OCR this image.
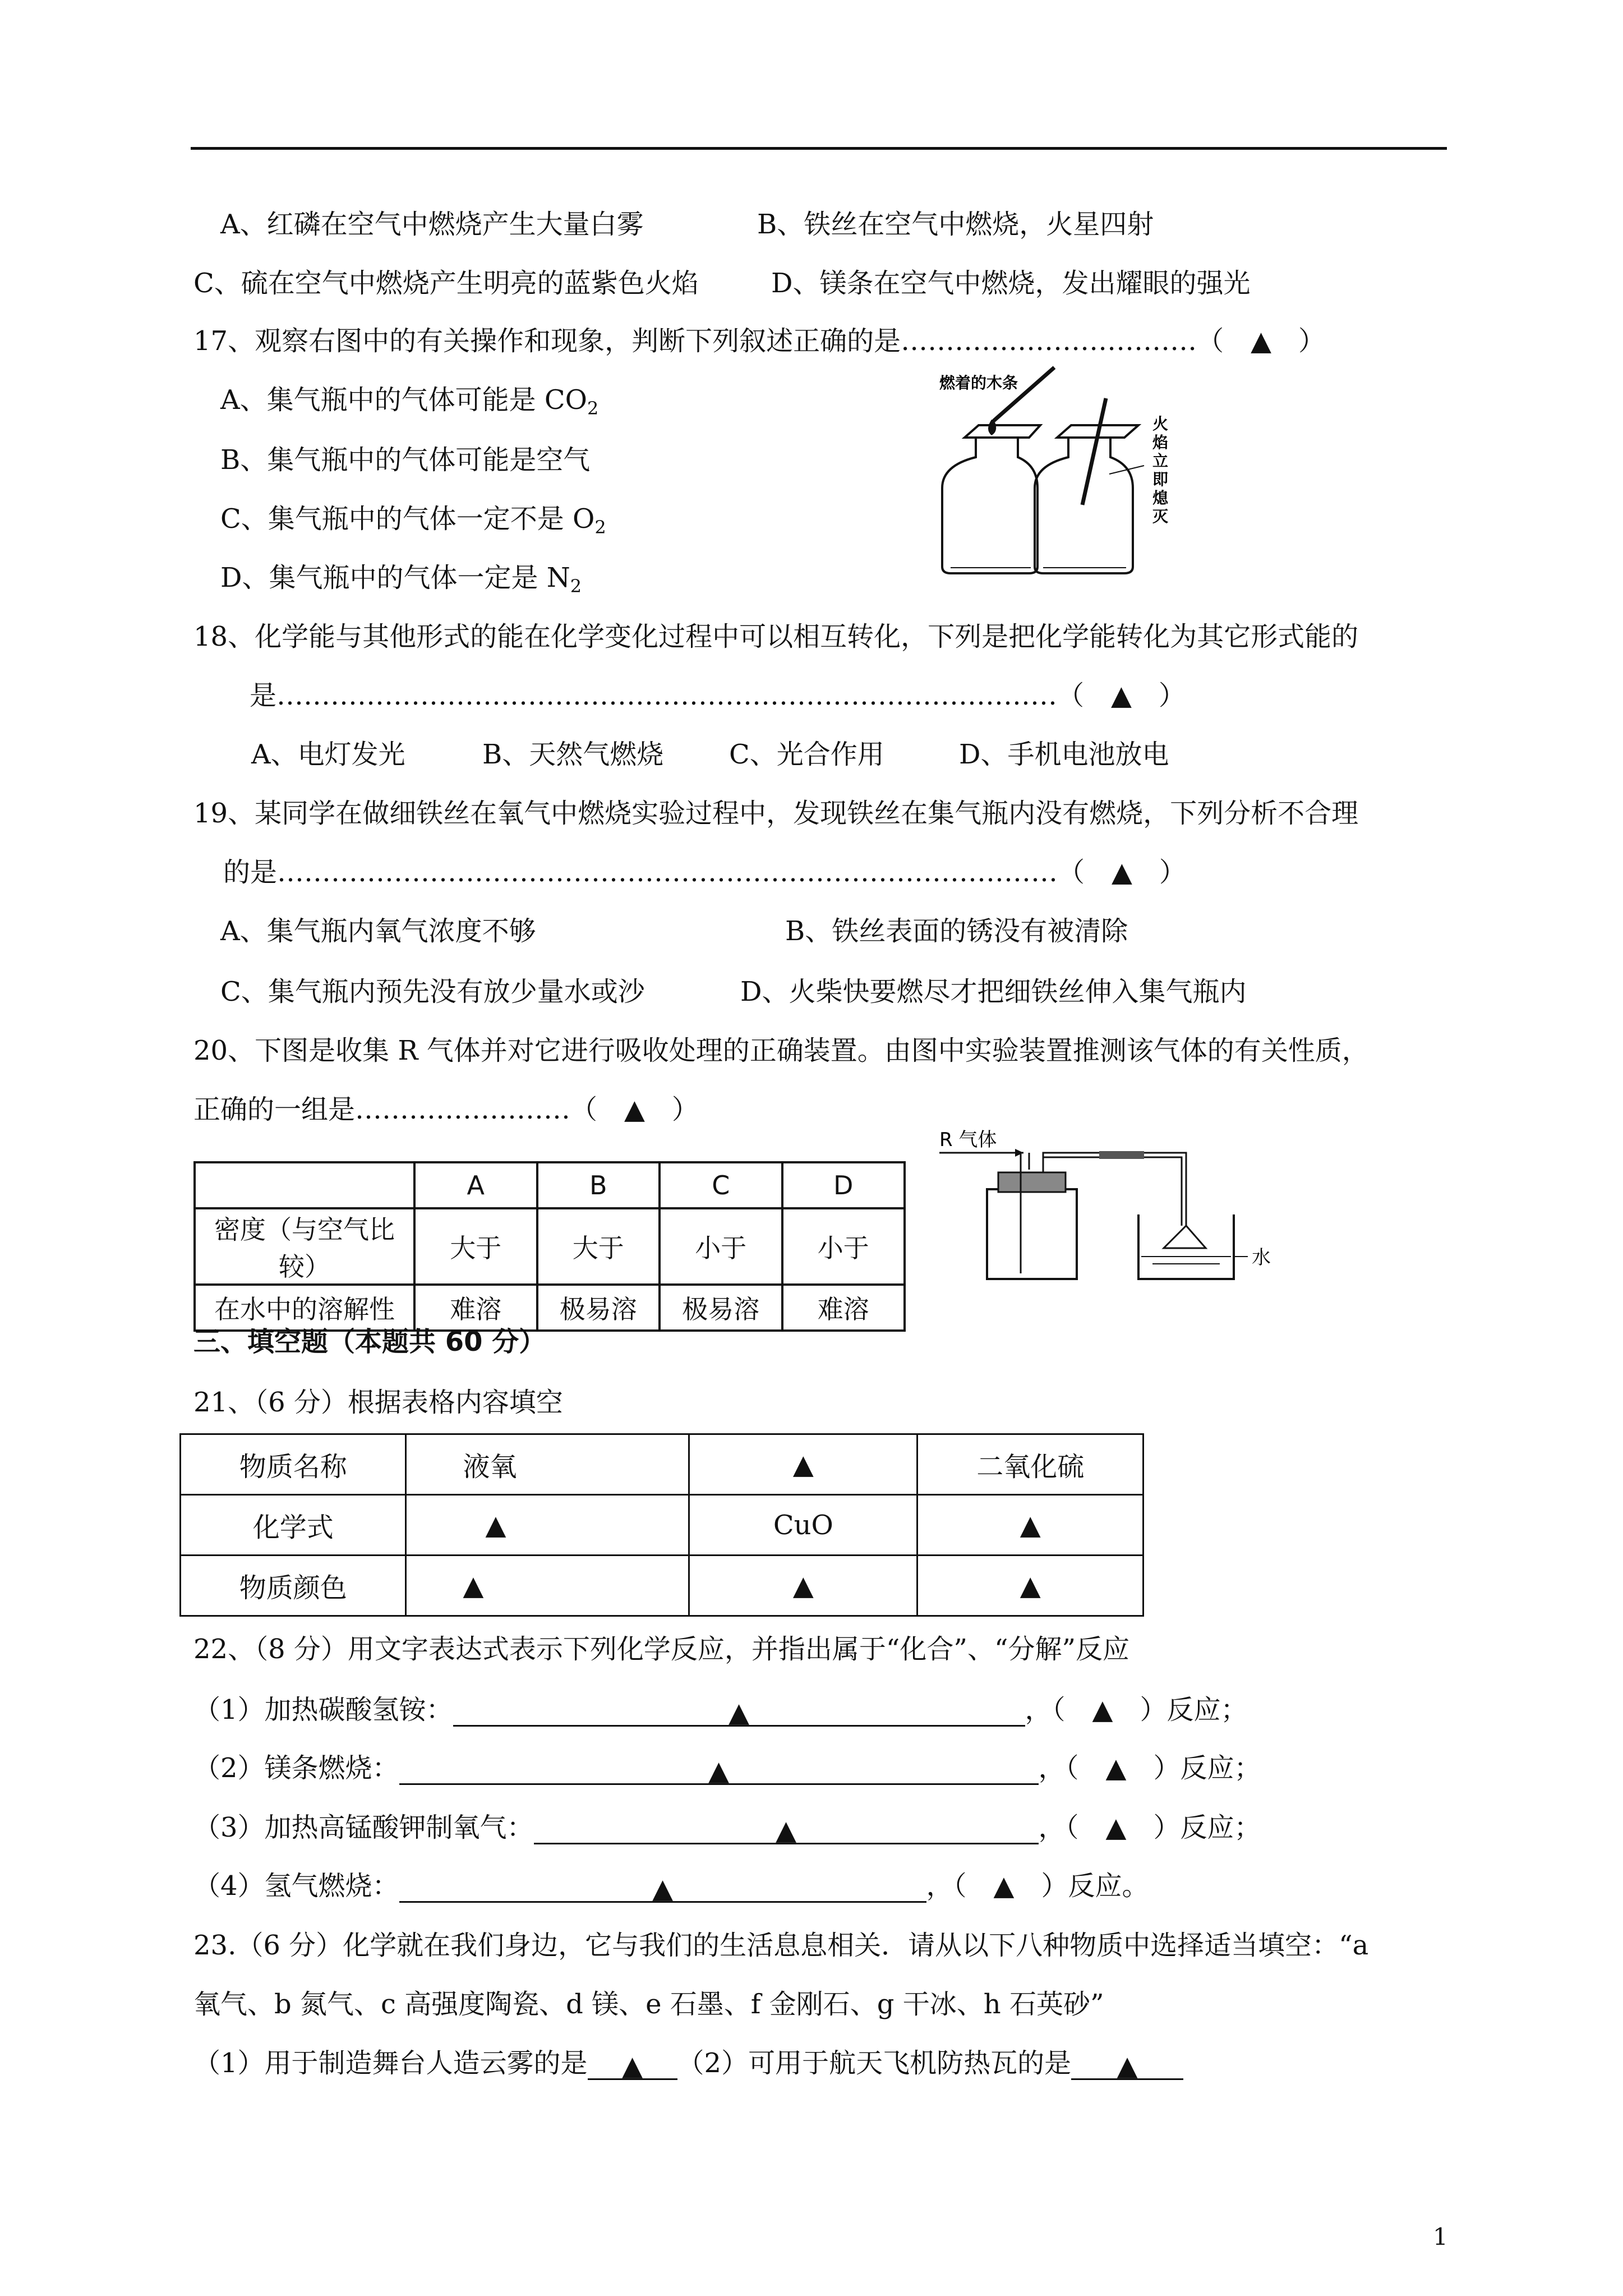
A、红磷在空气中燃烧产生大量白雾	B、铁丝在空气中燃烧，火星四射
C、硫在空气中燃烧产生明亮的蓝紫色火焰	D、镁条在空气中燃烧，发出耀眼的强光
17、观察右图中的有关操作和现象，判断下列叙述正确的是……………………………（　▲　）
A、集气瓶中的气体可能是 $CO_2$
B、集气瓶中的气体可能是空气
C、集气瓶中的气体一定不是 $O_2$
D、集气瓶中的气体一定是 $N_2$
燃着的木条
火
焰
立
即
熄
灭
18、化学能与其他形式的能在化学变化过程中可以相互转化，下列是把化学能转化为其它形式能的
是……………………………………………………………………………（　▲　）
A、电灯发光	B、天然气燃烧 C、光合作用	D、手机电池放电
19、某同学在做细铁丝在氧气中燃烧实验过程中，发现铁丝在集气瓶内没有燃烧，下列分析不合理
的是……………………………………………………………………………（　▲　）
A、集气瓶内氧气浓度不够	B、铁丝表面的锈没有被清除
C、集气瓶内预先没有放少量水或沙	D、火柴快要燃尽才把细铁丝伸入集气瓶内
20、下图是收集 R 气体并对它进行吸收处理的正确装置。由图中实验装置推测该气体的有关性质，
正确的一组是……………………（　▲　）
	A	B	C	D
密度（与空气比较）	大于	大于	小于	小于
在水中的溶解性	难溶	极易溶	极易溶	难溶
R 气体
水
三、填空题（本题共 60 分）
21、（6 分）根据表格内容填空
物质名称	液氧	▲	二氧化硫
化学式	▲	CuO	▲
物质颜色	▲	▲	▲
22、（8 分）用文字表达式表示下列化学反应，并指出属于“化合”、“分解”反应
（1）加热碳酸氢铵：	▲	，（　▲　）反应；
（2）镁条燃烧：	▲	，（　▲　）反应；
（3）加热高锰酸钾制氧气：	▲	，（　▲　）反应；
（4）氢气燃烧：	▲	，（　▲　）反应。
23.（6 分）化学就在我们身边，它与我们的生活息息相关．请从以下八种物质中选择适当填空：“a
氧气、b 氮气、c 高强度陶瓷、d 镁、e 石墨、f 金刚石、g 干冰、h 石英砂”
（1）用于制造舞台人造云雾的是 ▲ （2）可用于航天飞机防热瓦的是 ▲
1
